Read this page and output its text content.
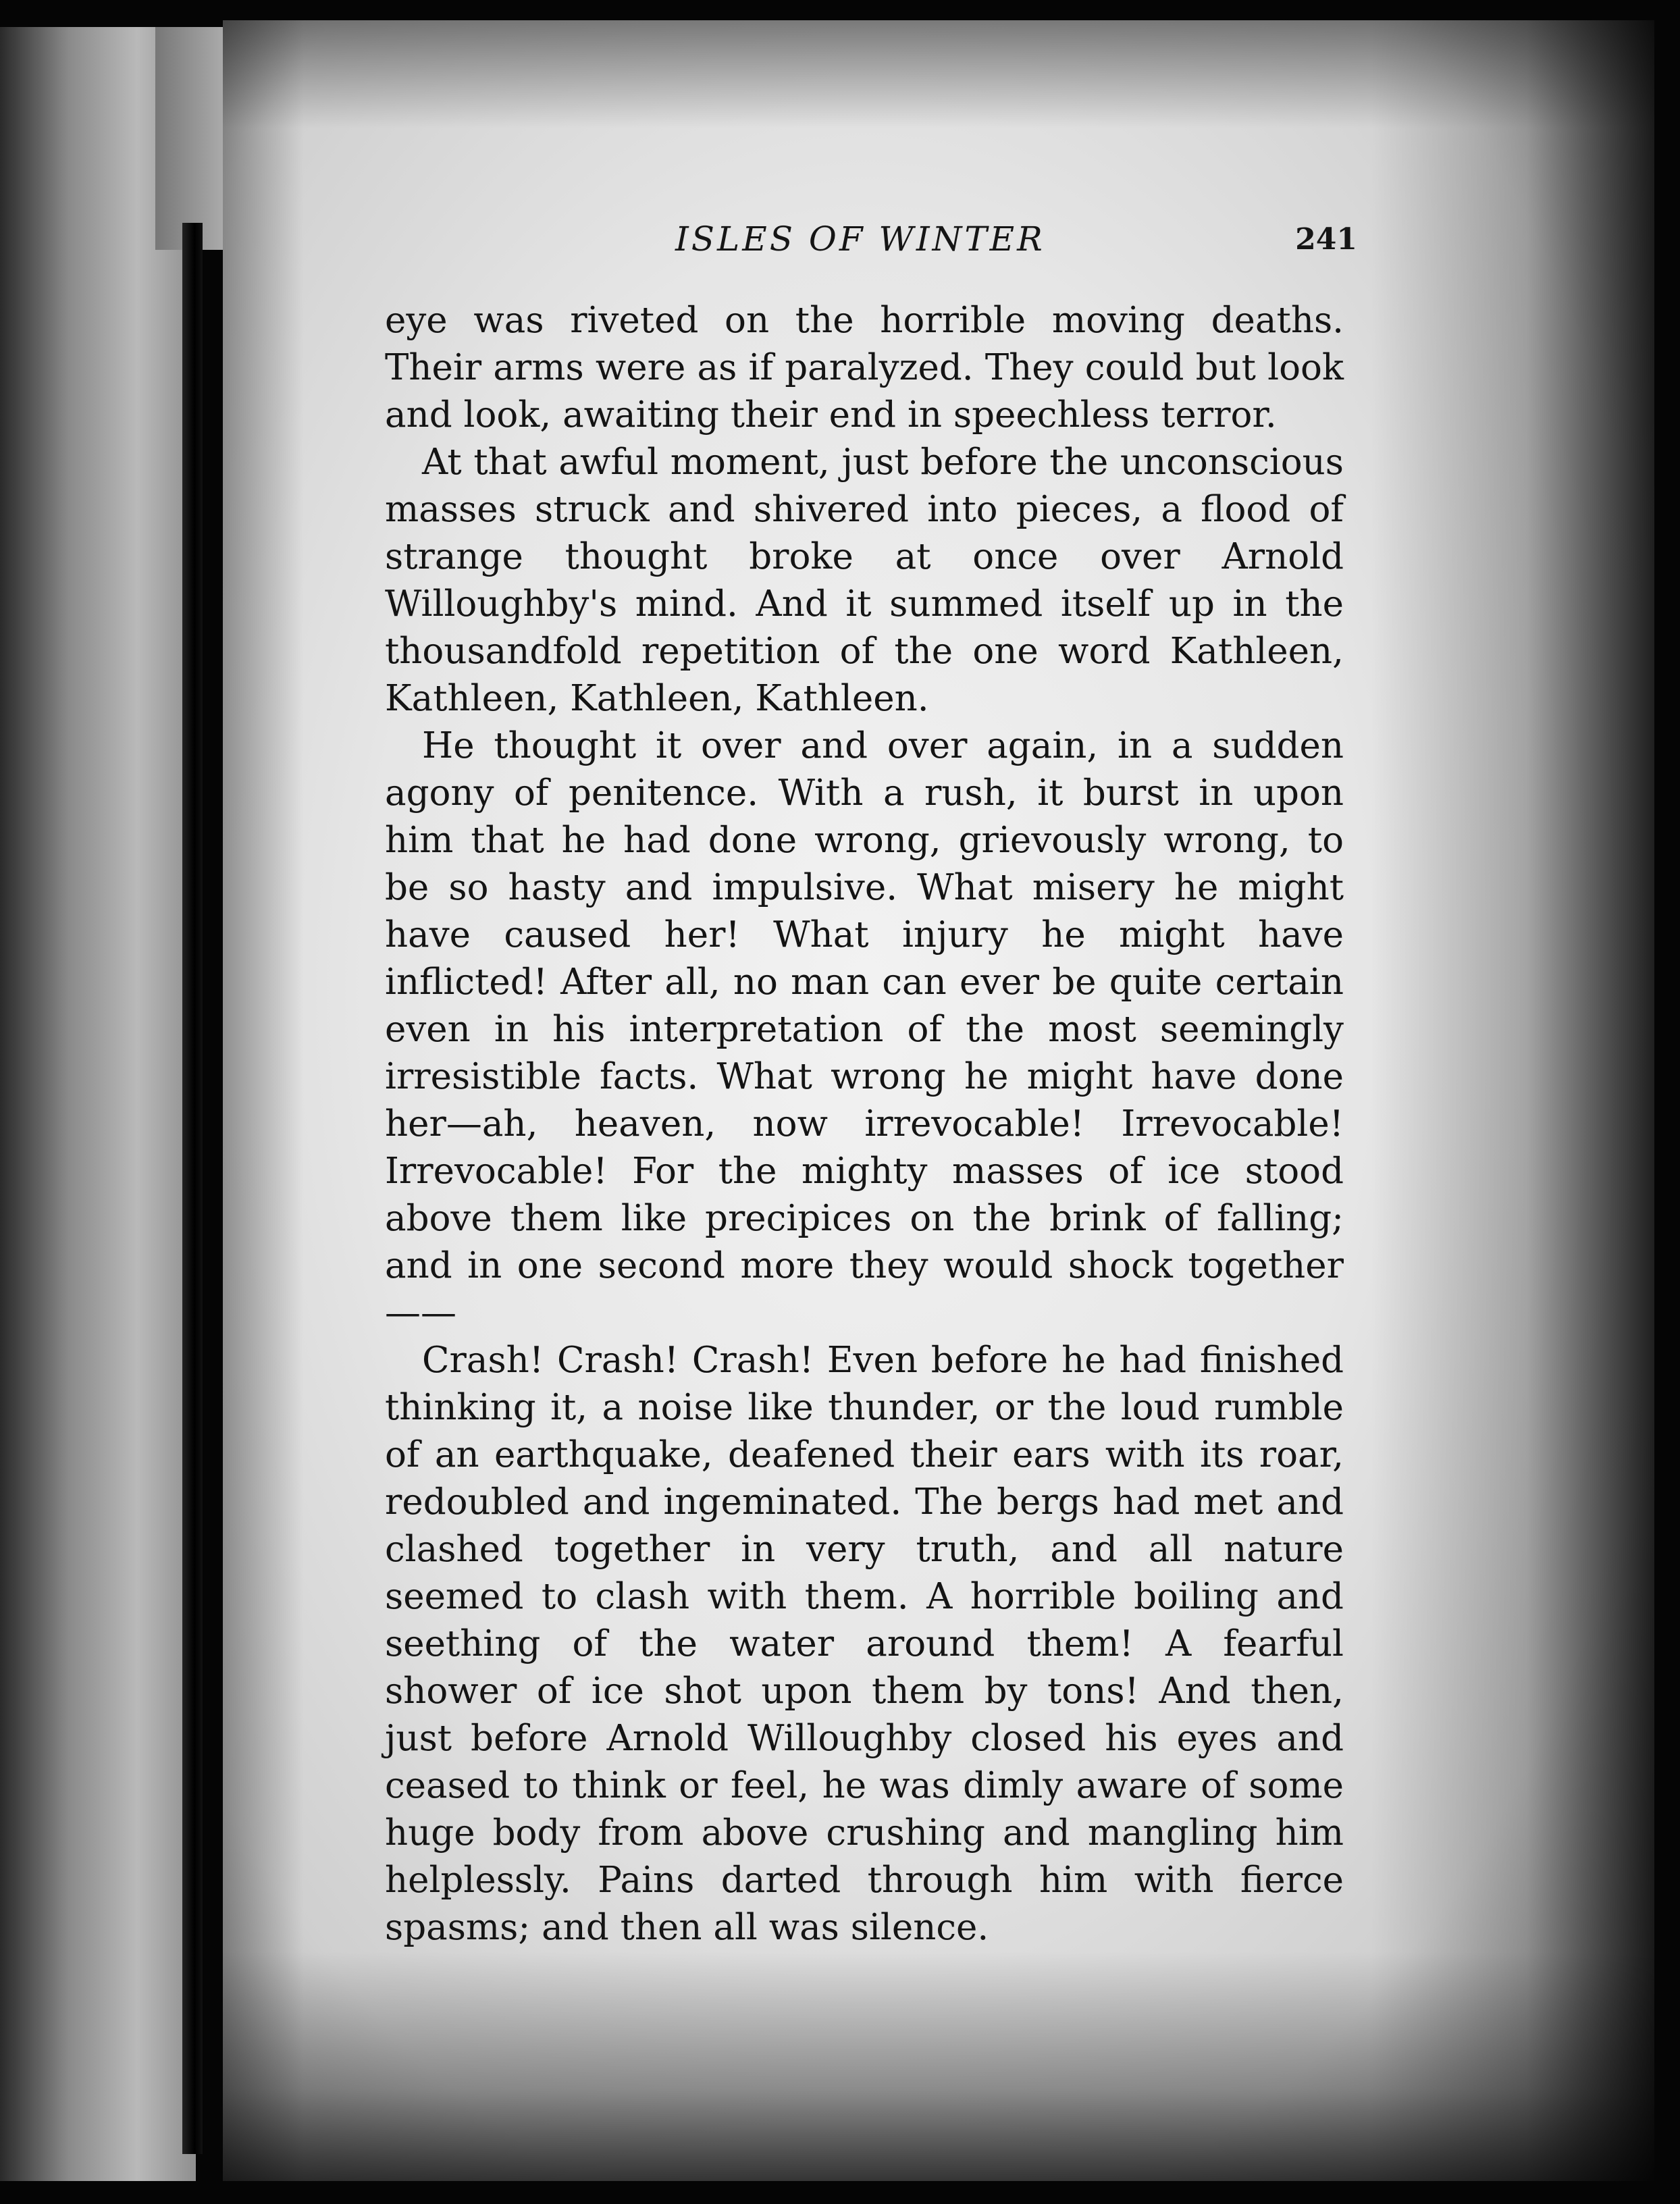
ISLES OF WINTER	241

eye was riveted on the horrible moving deaths. Their arms were as if paralyzed. They could but look and look, awaiting their end in speechless terror.

At that awful moment, just before the unconscious masses struck and shivered into pieces, a flood of strange thought broke at once over Arnold Willoughby's mind. And it summed itself up in the thousandfold repetition of the one word Kathleen, Kathleen, Kathleen, Kathleen.

He thought it over and over again, in a sudden agony of penitence. With a rush, it burst in upon him that he had done wrong, grievously wrong, to be so hasty and impulsive. What misery he might have caused her! What injury he might have inflicted! After all, no man can ever be quite certain even in his interpretation of the most seemingly irresistible facts. What wrong he might have done her—ah, heaven, now irrevocable! Irrevocable! Irrevocable! For the mighty masses of ice stood above them like precipices on the brink of falling; and in one second more they would shock together——

Crash! Crash! Crash! Even before he had finished thinking it, a noise like thunder, or the loud rumble of an earthquake, deafened their ears with its roar, redoubled and ingeminated. The bergs had met and clashed together in very truth, and all nature seemed to clash with them. A horrible boiling and seething of the water around them! A fearful shower of ice shot upon them by tons! And then, just before Arnold Willoughby closed his eyes and ceased to think or feel, he was dimly aware of some huge body from above crushing and mangling him helplessly. Pains darted through him with fierce spasms; and then all was silence.
